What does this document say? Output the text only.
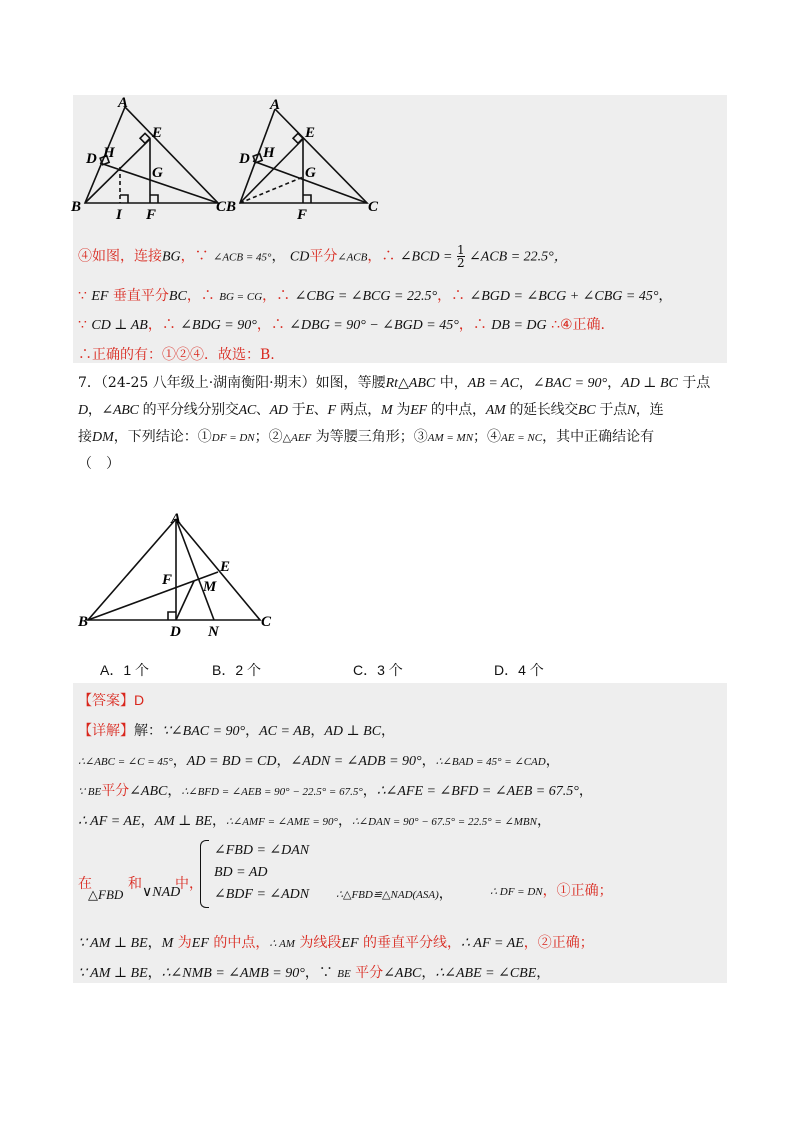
A
B	C
D
E
H
G
I F
A
B	C
D
E
H
G
F
④如图，连接BG，∵ ∠ACB = 45°， CD平分∠ACB，∴ ∠BCD = $\frac{1}{2}$ ∠ACB = 22.5°，
∵ EF 垂直平分BC，∴ BG = CG，∴ ∠CBG = ∠BCG = 22.5°，∴ ∠BGD = ∠BCG + ∠CBG = 45°，
∵ CD ⊥ AB，∴ ∠BDG = 90°，∴ ∠DBG = 90° − ∠BGD = 45°，∴ DB = DG ∴④正确.
∴正确的有：①②④．故选：B.
7．（24-25 八年级上·湖南衡阳·期末）如图，等腰Rt△ABC 中，AB = AC，∠BAC = 90°，AD ⊥ BC 于点
D，∠ABC 的平分线分别交AC、AD 于E、F 两点，M 为EF 的中点，AM 的延长线交BC 于点N，连
接DM，下列结论：①DF = DN；②△AEF 为等腰三角形；③AM = MN；④AE = NC，其中正确结论有
（　）
A
B	C
D
E
F M
N
A．1 个	B．2 个	C．3 个	D．4 个
【答案】D
【详解】解：∵∠BAC = 90°，AC = AB，AD ⊥ BC，
∴∠ABC = ∠C = 45°，AD = BD = CD，∠ADN = ∠ADB = 90°，∴∠BAD = 45° = ∠CAD，
∵ BE平分∠ABC，∴∠BFD = ∠AEB = 90° − 22.5° = 67.5°，∴∠AFE = ∠BFD = ∠AEB = 67.5°，
∴ AF = AE，AM ⊥ BE，∴∠AMF = ∠AME = 90°，∴∠DAN = 90° − 67.5° = 22.5° = ∠MBN，
在	和 中，
△FBD ∨NAD
∠FBD = ∠DAN
BD = AD
∠BDF = ∠ADN ∴△FBD≌△NAD(ASA)，	∴ DF = DN，①正确；
∵ AM ⊥ BE，M 为EF 的中点，∴ AM 为线段EF 的垂直平分线，∴ AF = AE，②正确；
∵ AM ⊥ BE，∴∠NMB = ∠AMB = 90°，∵ BE 平分∠ABC，∴∠ABE = ∠CBE，
